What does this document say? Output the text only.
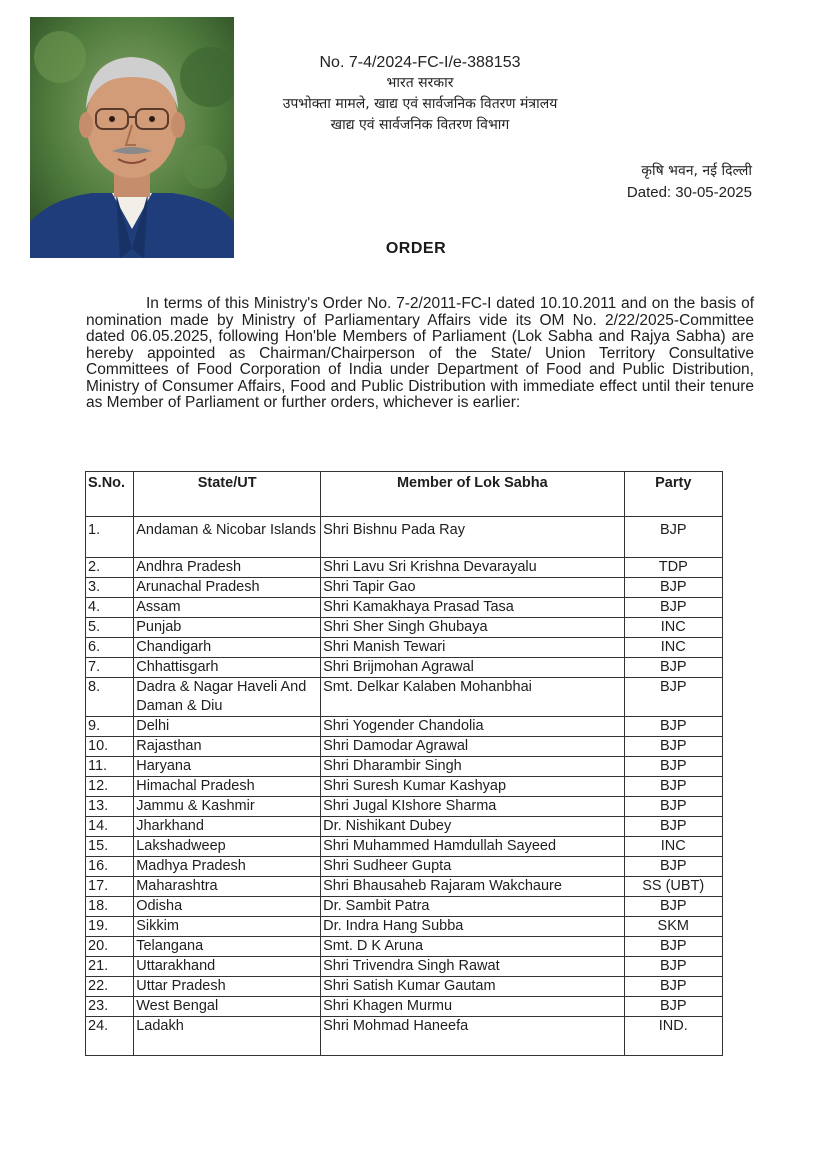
No. 7-4/2024-FC-I/e-388153
भारत सरकार
उपभोक्ता मामले, खाद्य एवं सार्वजनिक वितरण मंत्रालय
खाद्य एवं सार्वजनिक वितरण विभाग
कृषि भवन, नई दिल्ली
Dated: 30-05-2025
ORDER

In terms of this Ministry's Order No. 7-2/2011-FC-I dated 10.10.2011 and on the basis of nomination made by Ministry of Parliamentary Affairs vide its OM No. 2/22/2025-Committee dated 06.05.2025, following Hon'ble Members of Parliament (Lok Sabha and Rajya Sabha) are hereby appointed as Chairman/Chairperson of the State/ Union Territory Consultative Committees of Food Corporation of India under Department of Food and Public Distribution, Ministry of Consumer Affairs, Food and Public Distribution with immediate effect until their tenure as Member of Parliament or further orders, whichever is earlier:

S.No.	State/UT	Member of Lok Sabha	Party
1.	Andaman & Nicobar Islands	Shri Bishnu Pada Ray	BJP
2.	Andhra Pradesh	Shri Lavu Sri Krishna Devarayalu	TDP
3.	Arunachal Pradesh	Shri Tapir Gao	BJP
4.	Assam	Shri Kamakhaya Prasad Tasa	BJP
5.	Punjab	Shri Sher Singh Ghubaya	INC
6.	Chandigarh	Shri Manish Tewari	INC
7.	Chhattisgarh	Shri Brijmohan Agrawal	BJP
8.	Dadra & Nagar Haveli And Daman & Diu	Smt. Delkar Kalaben Mohanbhai	BJP
9.	Delhi	Shri Yogender Chandolia	BJP
10.	Rajasthan	Shri Damodar Agrawal	BJP
11.	Haryana	Shri Dharambir Singh	BJP
12.	Himachal Pradesh	Shri Suresh Kumar Kashyap	BJP
13.	Jammu & Kashmir	Shri Jugal KIshore Sharma	BJP
14.	Jharkhand	Dr. Nishikant Dubey	BJP
15.	Lakshadweep	Shri Muhammed Hamdullah Sayeed	INC
16.	Madhya Pradesh	Shri Sudheer Gupta	BJP
17.	Maharashtra	Shri Bhausaheb Rajaram Wakchaure	SS (UBT)
18.	Odisha	Dr. Sambit Patra	BJP
19.	Sikkim	Dr. Indra Hang Subba	SKM
20.	Telangana	Smt. D K Aruna	BJP
21.	Uttarakhand	Shri Trivendra Singh Rawat	BJP
22.	Uttar Pradesh	Shri Satish Kumar Gautam	BJP
23.	West Bengal	Shri Khagen Murmu	BJP
24.	Ladakh	Shri Mohmad Haneefa	IND.
